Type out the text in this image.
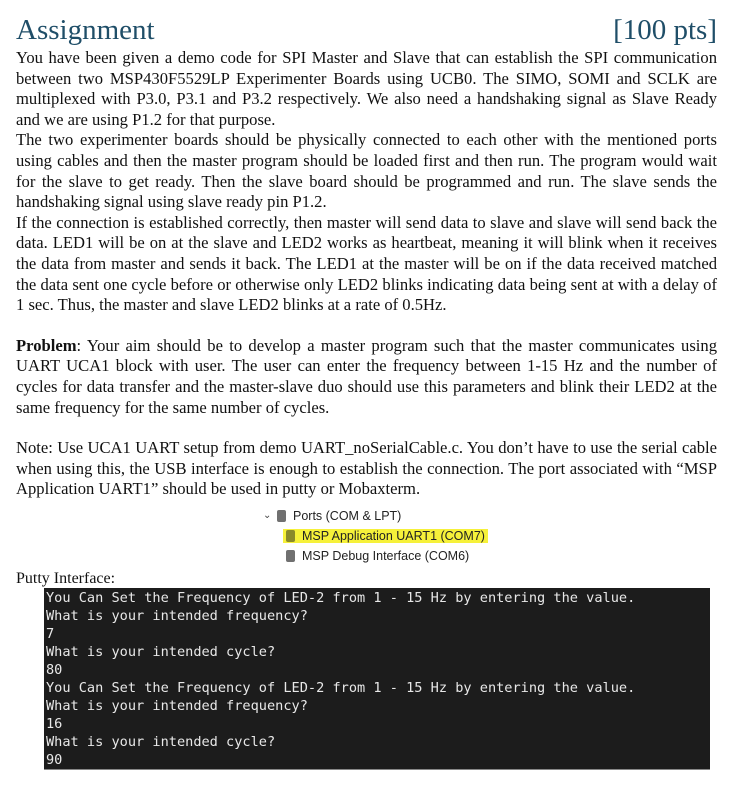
Assignment	[100 pts]

You have been given a demo code for SPI Master and Slave that can establish the SPI communication between two MSP430F5529LP Experimenter Boards using UCB0. The SIMO, SOMI and SCLK are multiplexed with P3.0, P3.1 and P3.2 respectively. We also need a handshaking signal as Slave Ready and we are using P1.2 for that purpose.

The two experimenter boards should be physically connected to each other with the mentioned ports using cables and then the master program should be loaded first and then run. The program would wait for the slave to get ready. Then the slave board should be programmed and run. The slave sends the handshaking signal using slave ready pin P1.2.

If the connection is established correctly, then master will send data to slave and slave will send back the data. LED1 will be on at the slave and LED2 works as heartbeat, meaning it will blink when it receives the data from master and sends it back. The LED1 at the master will be on if the data received matched the data sent one cycle before or otherwise only LED2 blinks indicating data being sent at with a delay of 1 sec. Thus, the master and slave LED2 blinks at a rate of 0.5Hz.

Problem: Your aim should be to develop a master program such that the master communicates using UART UCA1 block with user. The user can enter the frequency between 1-15 Hz and the number of cycles for data transfer and the master-slave duo should use this parameters and blink their LED2 at the same frequency for the same number of cycles.

Note: Use UCA1 UART setup from demo UART_noSerialCable.c. You don’t have to use the serial cable when using this, the USB interface is enough to establish the connection. The port associated with “MSP Application UART1” should be used in putty or Mobaxterm.

⌄	Ports (COM & LPT)
MSP Application UART1 (COM7)
MSP Debug Interface (COM6)
Putty Interface:
You Can Set the Frequency of LED-2 from 1 - 15 Hz by entering the value.
What is your intended frequency?
7
What is your intended cycle?
80
You Can Set the Frequency of LED-2 from 1 - 15 Hz by entering the value.
What is your intended frequency?
16
What is your intended cycle?
90
